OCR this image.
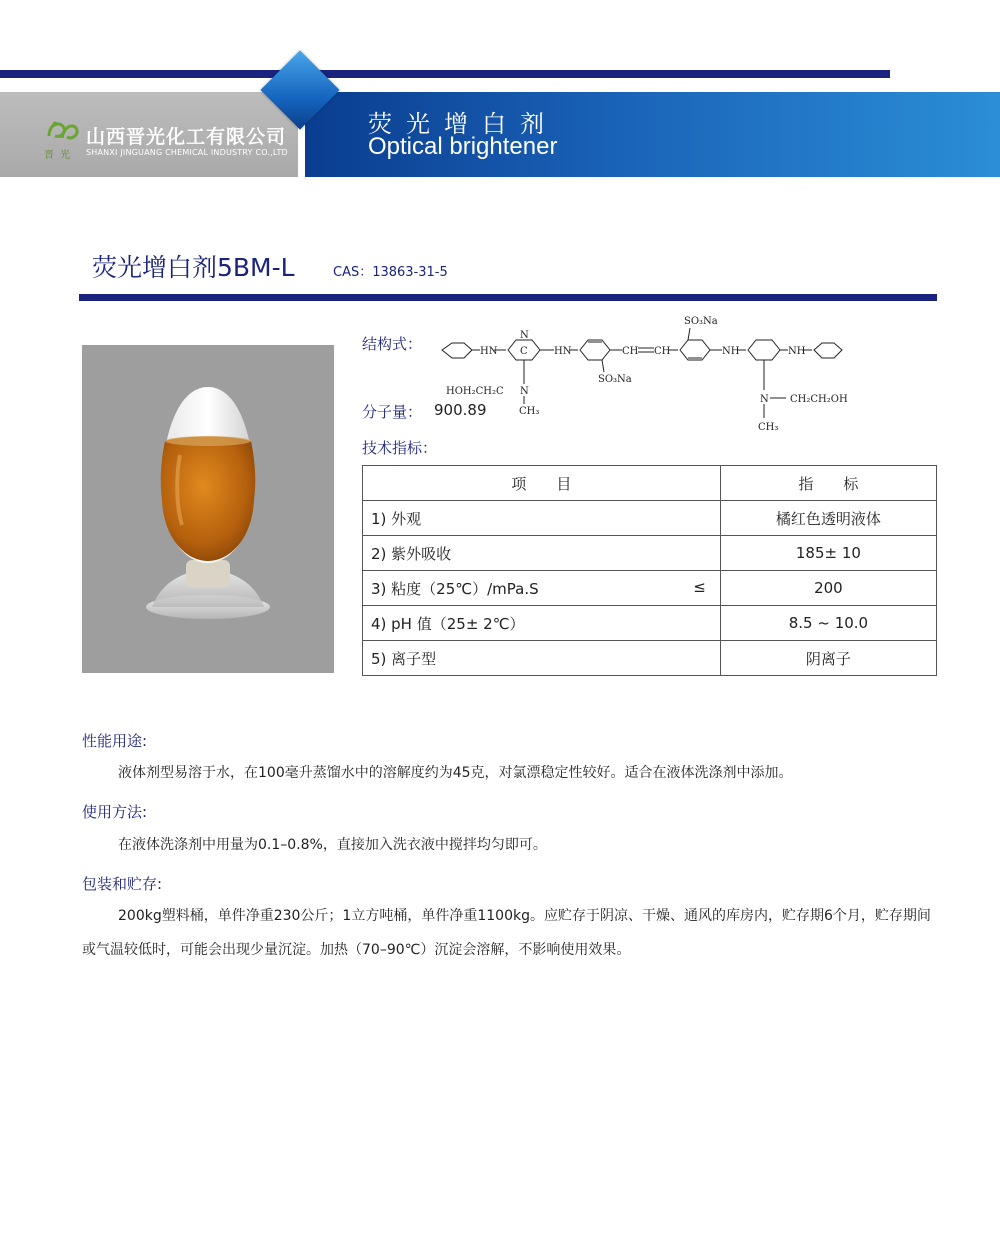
晋光
山西晋光化工有限公司
SHANXI JINGUANG CHEMICAL INDUSTRY CO.,LTD
荧光增白剂
Optical brightener
荧光增白剂5BM-L	CAS：13863-31-5
结构式：	HN
N
C	HN	CH CH
SO₃Na
SO₃Na
NH	NH
HOH₂CH₂C N
CH₃
N CH₂CH₂OH
CH₃
分子量： 900.89
技术指标：
项　　目	指　　标

1) 外观	橘红色透明液体

2) 紫外吸收	185± 10

3) 粘度（25℃）/mPa.S ≤	200

4) pH 值（25± 2℃）	8.5 ~ 10.0

5) 离子型	阴离子
性能用途:
液体剂型易溶于水，在100毫升蒸馏水中的溶解度约为45克，对氯漂稳定性较好。适合在液体洗涤剂中添加。
使用方法:
在液体洗涤剂中用量为0.1–0.8%，直接加入洗衣液中搅拌均匀即可。
包装和贮存:
200kg塑料桶，单件净重230公斤；1立方吨桶，单件净重1100kg。应贮存于阴凉、干燥、通风的库房内，贮存期6个月，贮存期间或气温较低时，可能会出现少量沉淀。加热（70–90℃）沉淀会溶解，不影响使用效果。
